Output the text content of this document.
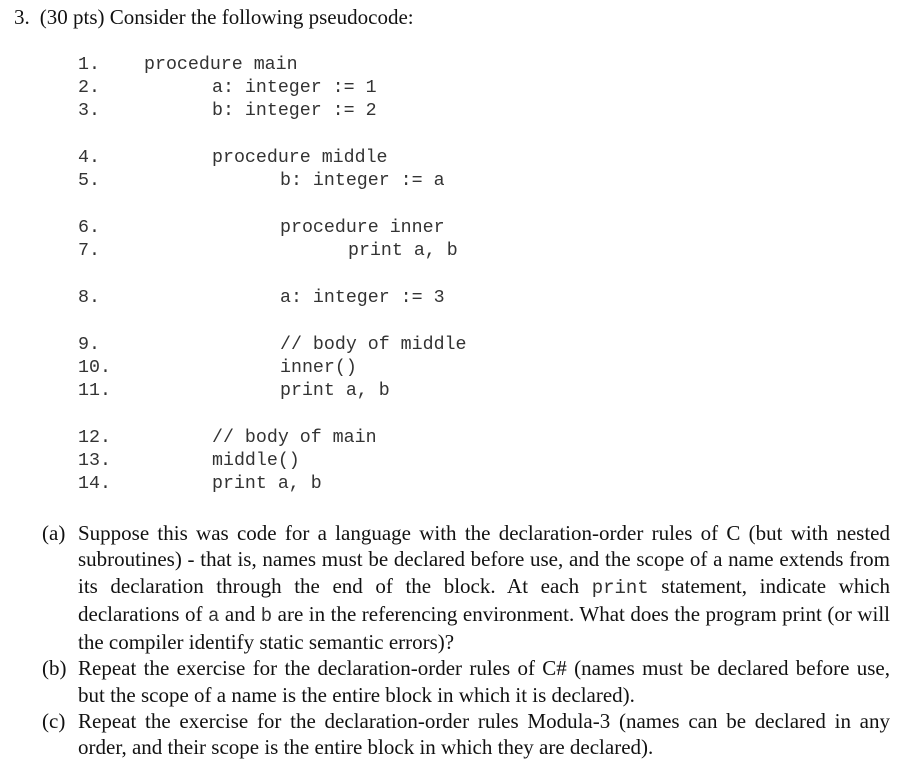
3. (30 pts) Consider the following pseudocode:
1. procedure main
2.	a: integer := 1
3.	b: integer := 2
4.	procedure middle
5.	b: integer := a
6.	procedure inner
7.	print a, b
8.	a: integer := 3
9.	// body of middle
10.	inner()
11.	print a, b
12.	// body of main
13.	middle()
14.	print a, b
(a) Suppose this was code for a language with the declaration-order rules of C (but with nested subroutines) - that is, names must be declared before use, and the scope of a name extends from its declaration through the end of the block. At each print statement, indicate which declarations of a and b are in the referencing environment. What does the program print (or will the compiler identify static semantic errors)?
(b) Repeat the exercise for the declaration-order rules of C# (names must be declared before use, but the scope of a name is the entire block in which it is declared).
(c) Repeat the exercise for the declaration-order rules Modula-3 (names can be declared in any order, and their scope is the entire block in which they are declared).
